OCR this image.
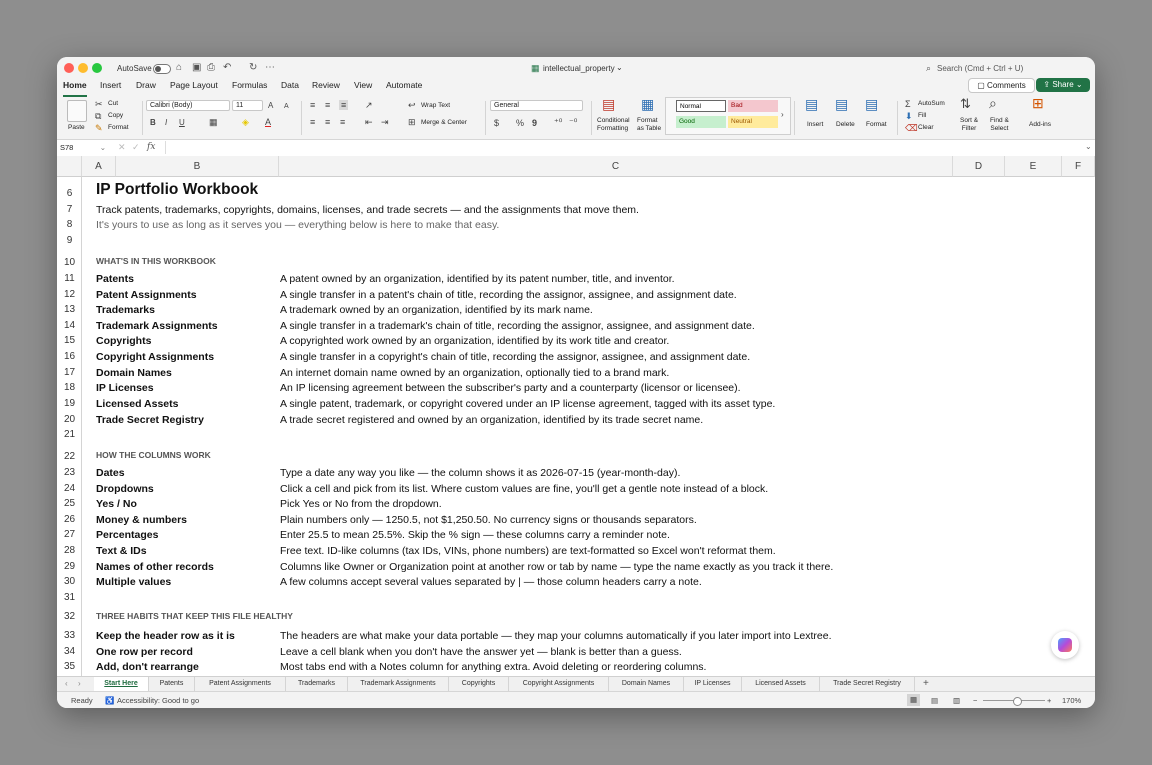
AutoSave ⌂ ▣ ⎙ ↶ ↻ ⋯	▦ intellectual_property ⌄	⌕ Search (Cmd + Ctrl + U)
Home Insert Draw Page Layout Formulas Data Review View Automate	▢ Comments	⇪ Share ⌄
Paste
✂ Cut
⧉ Copy
✎ Format
Calibri (Body)	11	A A
B I U	▦	◈ A
≡ ≡ ≡ ↗
≡ ≡ ≡ ⇤ ⇥
↩ Wrap Text
⊞ Merge & Center
General
$ % 9 ⁺⁰ ⁻⁰
▤
Conditional
Formatting
▦
Format
as Table
Normal	Bad
Good	Neutral
›
▤
Insert
▤
Delete
▤
Format
Σ AutoSum
⬇ Fill
⌫ Clear
⇅
Sort &
Filter
⌕
Find &
Select
⊞
Add-ins
S78	⌄ ✕ ✓ fx	⌄
A	B	C	D	E	F
6
7
8
9
10
11
12
13
14
15
16
17
18
19
20
21
22
23
24
25
26
27
28
29
30
31
32
33
34
35
IP Portfolio Workbook
Track patents, trademarks, copyrights, domains, licenses, and trade secrets — and the assignments that move them.
It's yours to use as long as it serves you — everything below is here to make that easy.
WHAT'S IN THIS WORKBOOK
Patents	A patent owned by an organization, identified by its patent number, title, and inventor.
Patent Assignments	A single transfer in a patent's chain of title, recording the assignor, assignee, and assignment date.
Trademarks	A trademark owned by an organization, identified by its mark name.
Trademark Assignments	A single transfer in a trademark's chain of title, recording the assignor, assignee, and assignment date.
Copyrights	A copyrighted work owned by an organization, identified by its work title and creator.
Copyright Assignments	A single transfer in a copyright's chain of title, recording the assignor, assignee, and assignment date.
Domain Names	An internet domain name owned by an organization, optionally tied to a brand mark.
IP Licenses	An IP licensing agreement between the subscriber's party and a counterparty (licensor or licensee).
Licensed Assets	A single patent, trademark, or copyright covered under an IP license agreement, tagged with its asset type.
Trade Secret Registry	A trade secret registered and owned by an organization, identified by its trade secret name.
HOW THE COLUMNS WORK
Dates	Type a date any way you like — the column shows it as 2026-07-15 (year-month-day).
Dropdowns	Click a cell and pick from its list. Where custom values are fine, you'll get a gentle note instead of a block.
Yes / No	Pick Yes or No from the dropdown.
Money & numbers	Plain numbers only — 1250.5, not $1,250.50. No currency signs or thousands separators.
Percentages	Enter 25.5 to mean 25.5%. Skip the % sign — these columns carry a reminder note.
Text & IDs	Free text. ID-like columns (tax IDs, VINs, phone numbers) are text-formatted so Excel won't reformat them.
Names of other records	Columns like Owner or Organization point at another row or tab by name — type the name exactly as you track it there.
Multiple values	A few columns accept several values separated by | — those column headers carry a note.
THREE HABITS THAT KEEP THIS FILE HEALTHY
Keep the header row as it is	The headers are what make your data portable — they map your columns automatically if you later import into Lextree.
One row per record	Leave a cell blank when you don't have the answer yet — blank is better than a guess.
Add, don't rearrange	Most tabs end with a Notes column for anything extra. Avoid deleting or reordering columns.
‹ ›	Start Here	Patents	Patent Assignments	Trademarks	Trademark Assignments	Copyrights	Copyright Assignments	Domain Names	IP Licenses	Licensed Assets	Trade Secret Registry	+
Ready ♿ Accessibility: Good to go	▦	▤ ▥ −	+ 170%
